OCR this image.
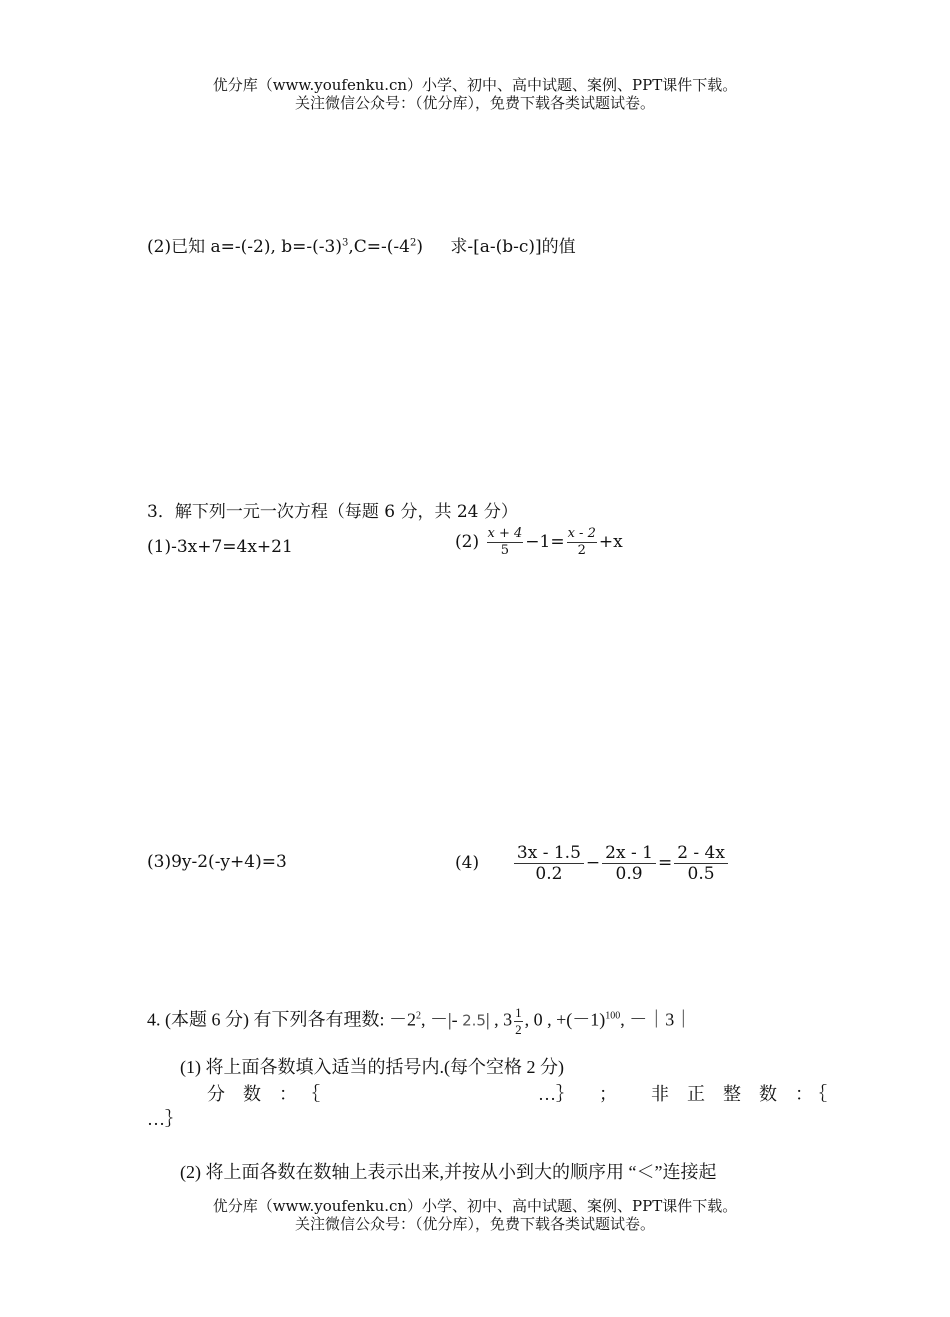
优分库（www.youfenku.cn）小学、初中、高中试题、案例、PPT课件下载。
关注微信公众号：（优分库），免费下载各类试题试卷。
(2)已知 a=-(-2), $b=-(-3)^3,C=-(-4^2)$ 求-[a-(b-c)]的值
3．解下列一元一次方程（每题 6 分，共 24 分）
(1)-3x+7=4x+21	$(2) \frac{x + 4}{5} -1= \frac{x - 2}{2} +x$
(3)9y-2(-y+4)=3	$(4) \frac{3x - 1.5}{0.2} - \frac{2x - 1}{0.9} = \frac{2 - 4x}{0.5}$
4. (本题 6 分) 有下列各有理数: $-2^2$, －|- 2.5| , $3 \frac{1}{2}$ , 0 , $+(-1)^{100}$, －｜3｜
(1) 将上面各数填入适当的括号内.(每个空格 2 分)
分　数　： ｛	…｝ ； 非　正　整　数　：
｛
…｝
(2) 将上面各数在数轴上表示出来,并按从小到大的顺序用 “＜”连接起
优分库（www.youfenku.cn）小学、初中、高中试题、案例、PPT课件下载。
关注微信公众号：（优分库），免费下载各类试题试卷。
